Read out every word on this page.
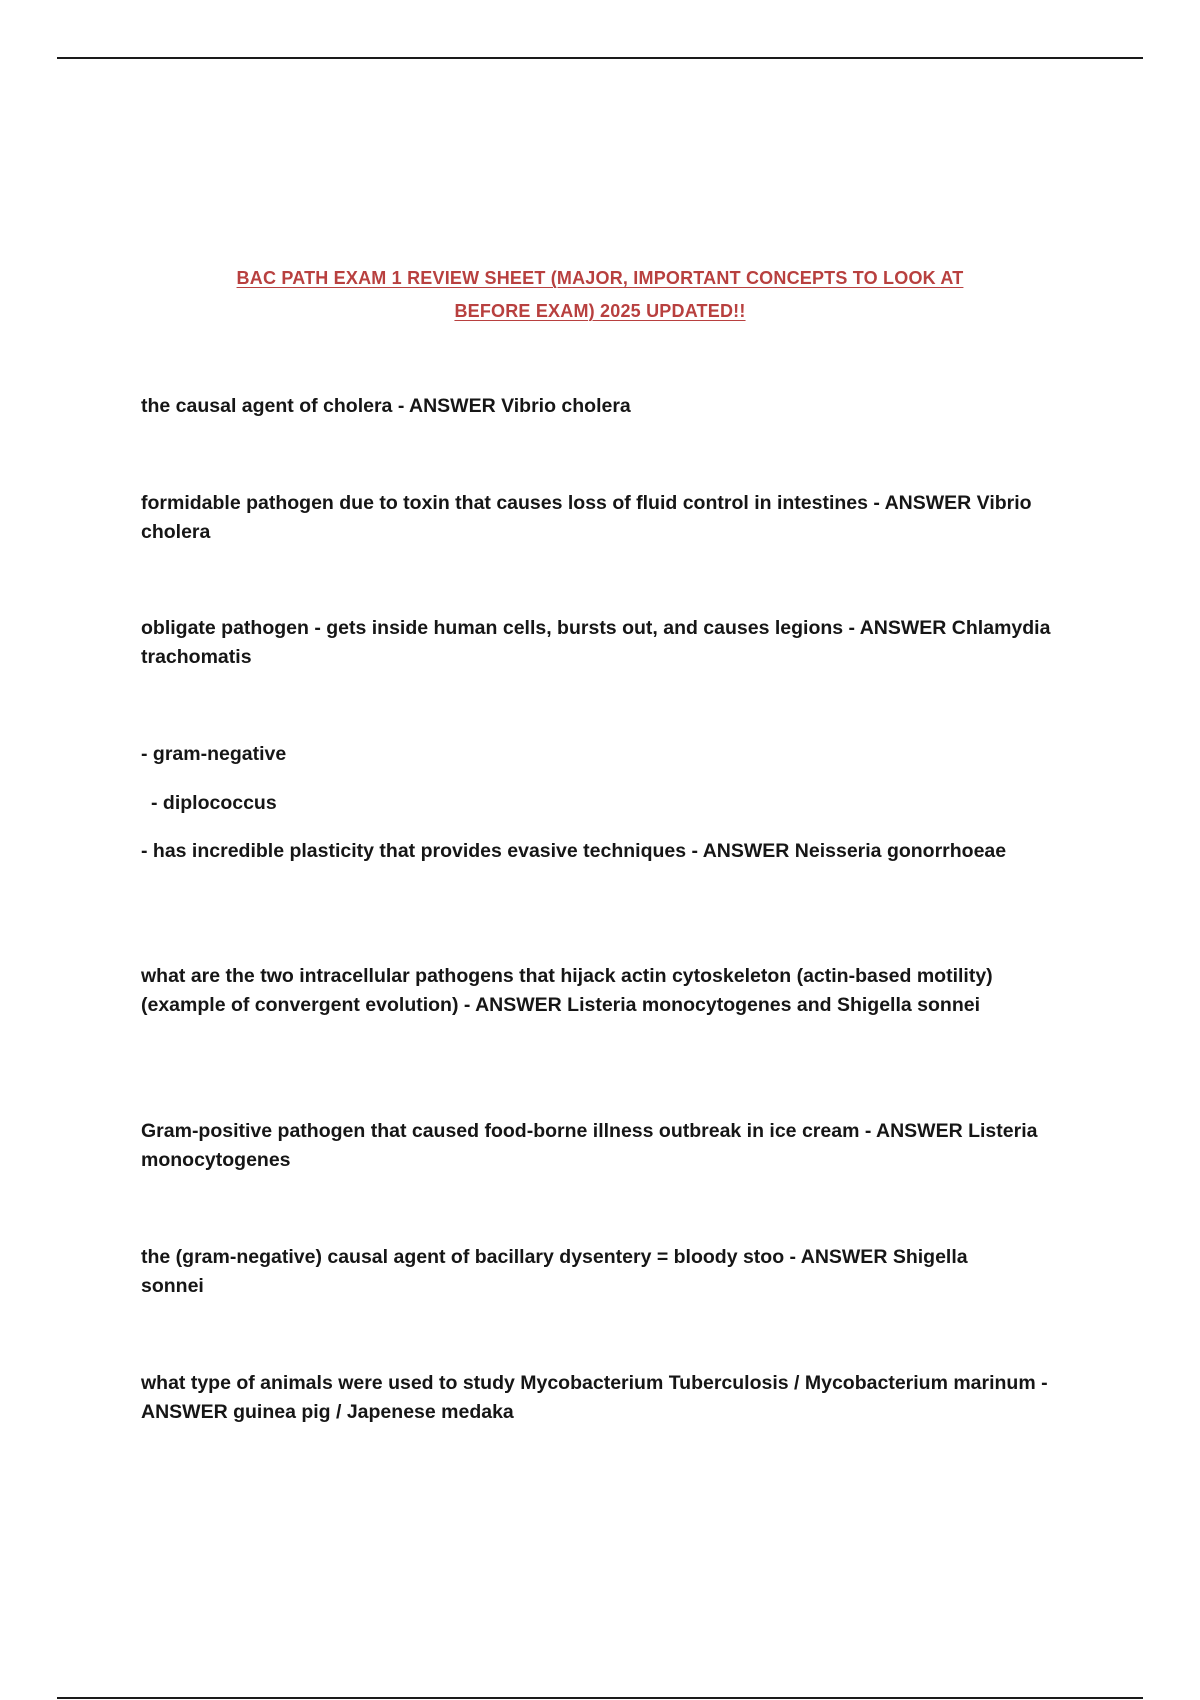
BAC PATH EXAM 1 REVIEW SHEET (MAJOR, IMPORTANT CONCEPTS TO LOOK AT
BEFORE EXAM) 2025 UPDATED!!

the causal agent of cholera - ANSWER Vibrio cholera

formidable pathogen due to toxin that causes loss of fluid control in intestines - ANSWER Vibrio cholera

obligate pathogen - gets inside human cells, bursts out, and causes legions - ANSWER Chlamydia trachomatis

- gram-negative

- diplococcus

- has incredible plasticity that provides evasive techniques - ANSWER Neisseria gonorrhoeae

what are the two intracellular pathogens that hijack actin cytoskeleton (actin-based motility) (example of convergent evolution) - ANSWER Listeria monocytogenes and Shigella sonnei

Gram-positive pathogen that caused food-borne illness outbreak in ice cream - ANSWER Listeria monocytogenes

the (gram-negative) causal agent of bacillary dysentery = bloody stoo - ANSWER Shigella sonnei

what type of animals were used to study Mycobacterium Tuberculosis / Mycobacterium marinum - ANSWER guinea pig / Japenese medaka
